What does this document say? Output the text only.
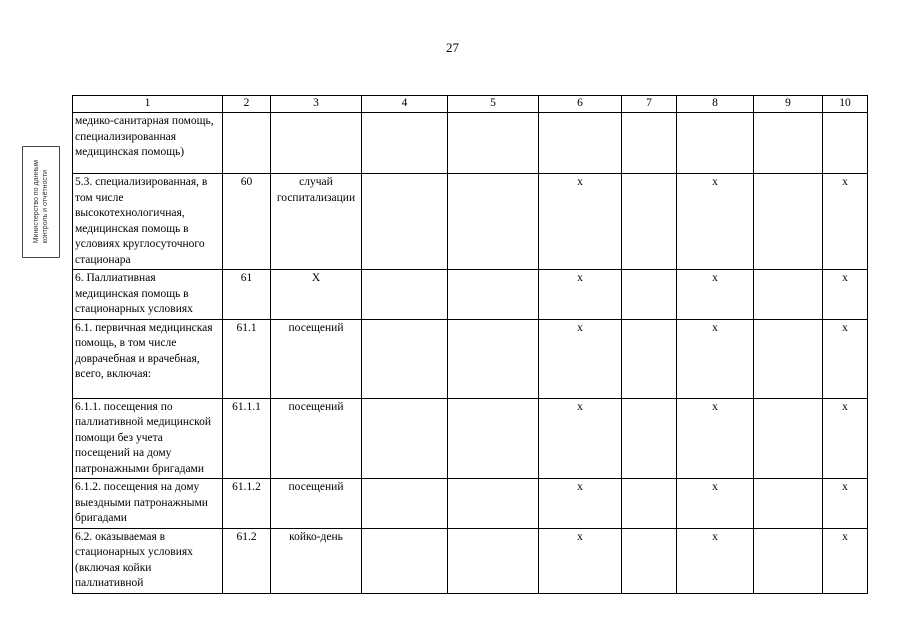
27
Министерство по данным
контроль и отчётности
1	2	3	4	5	6	7	8	9	10
медико-санитарная помощь, специализированная медицинская помощь)									
5.3. специализированная, в том числе высокотехнологичная, медицинская помощь в условиях круглосуточного стационара	60	случай госпитализации			х		х		х
6. Паллиативная медицинская помощь в стационарных условиях	61	Х			х		х		х
6.1. первичная медицинская помощь, в том числе доврачебная и врачебная, всего, включая:	61.1	посещений			х		х		х
6.1.1. посещения по паллиативной медицинской помощи без учета посещений на дому патронажными бригадами	61.1.1	посещений			х		х		х
6.1.2. посещения на дому выездными патронажными бригадами	61.1.2	посещений			х		х		х
6.2. оказываемая в стационарных условиях (включая койки паллиативной	61.2	койко-день			х		х		х
